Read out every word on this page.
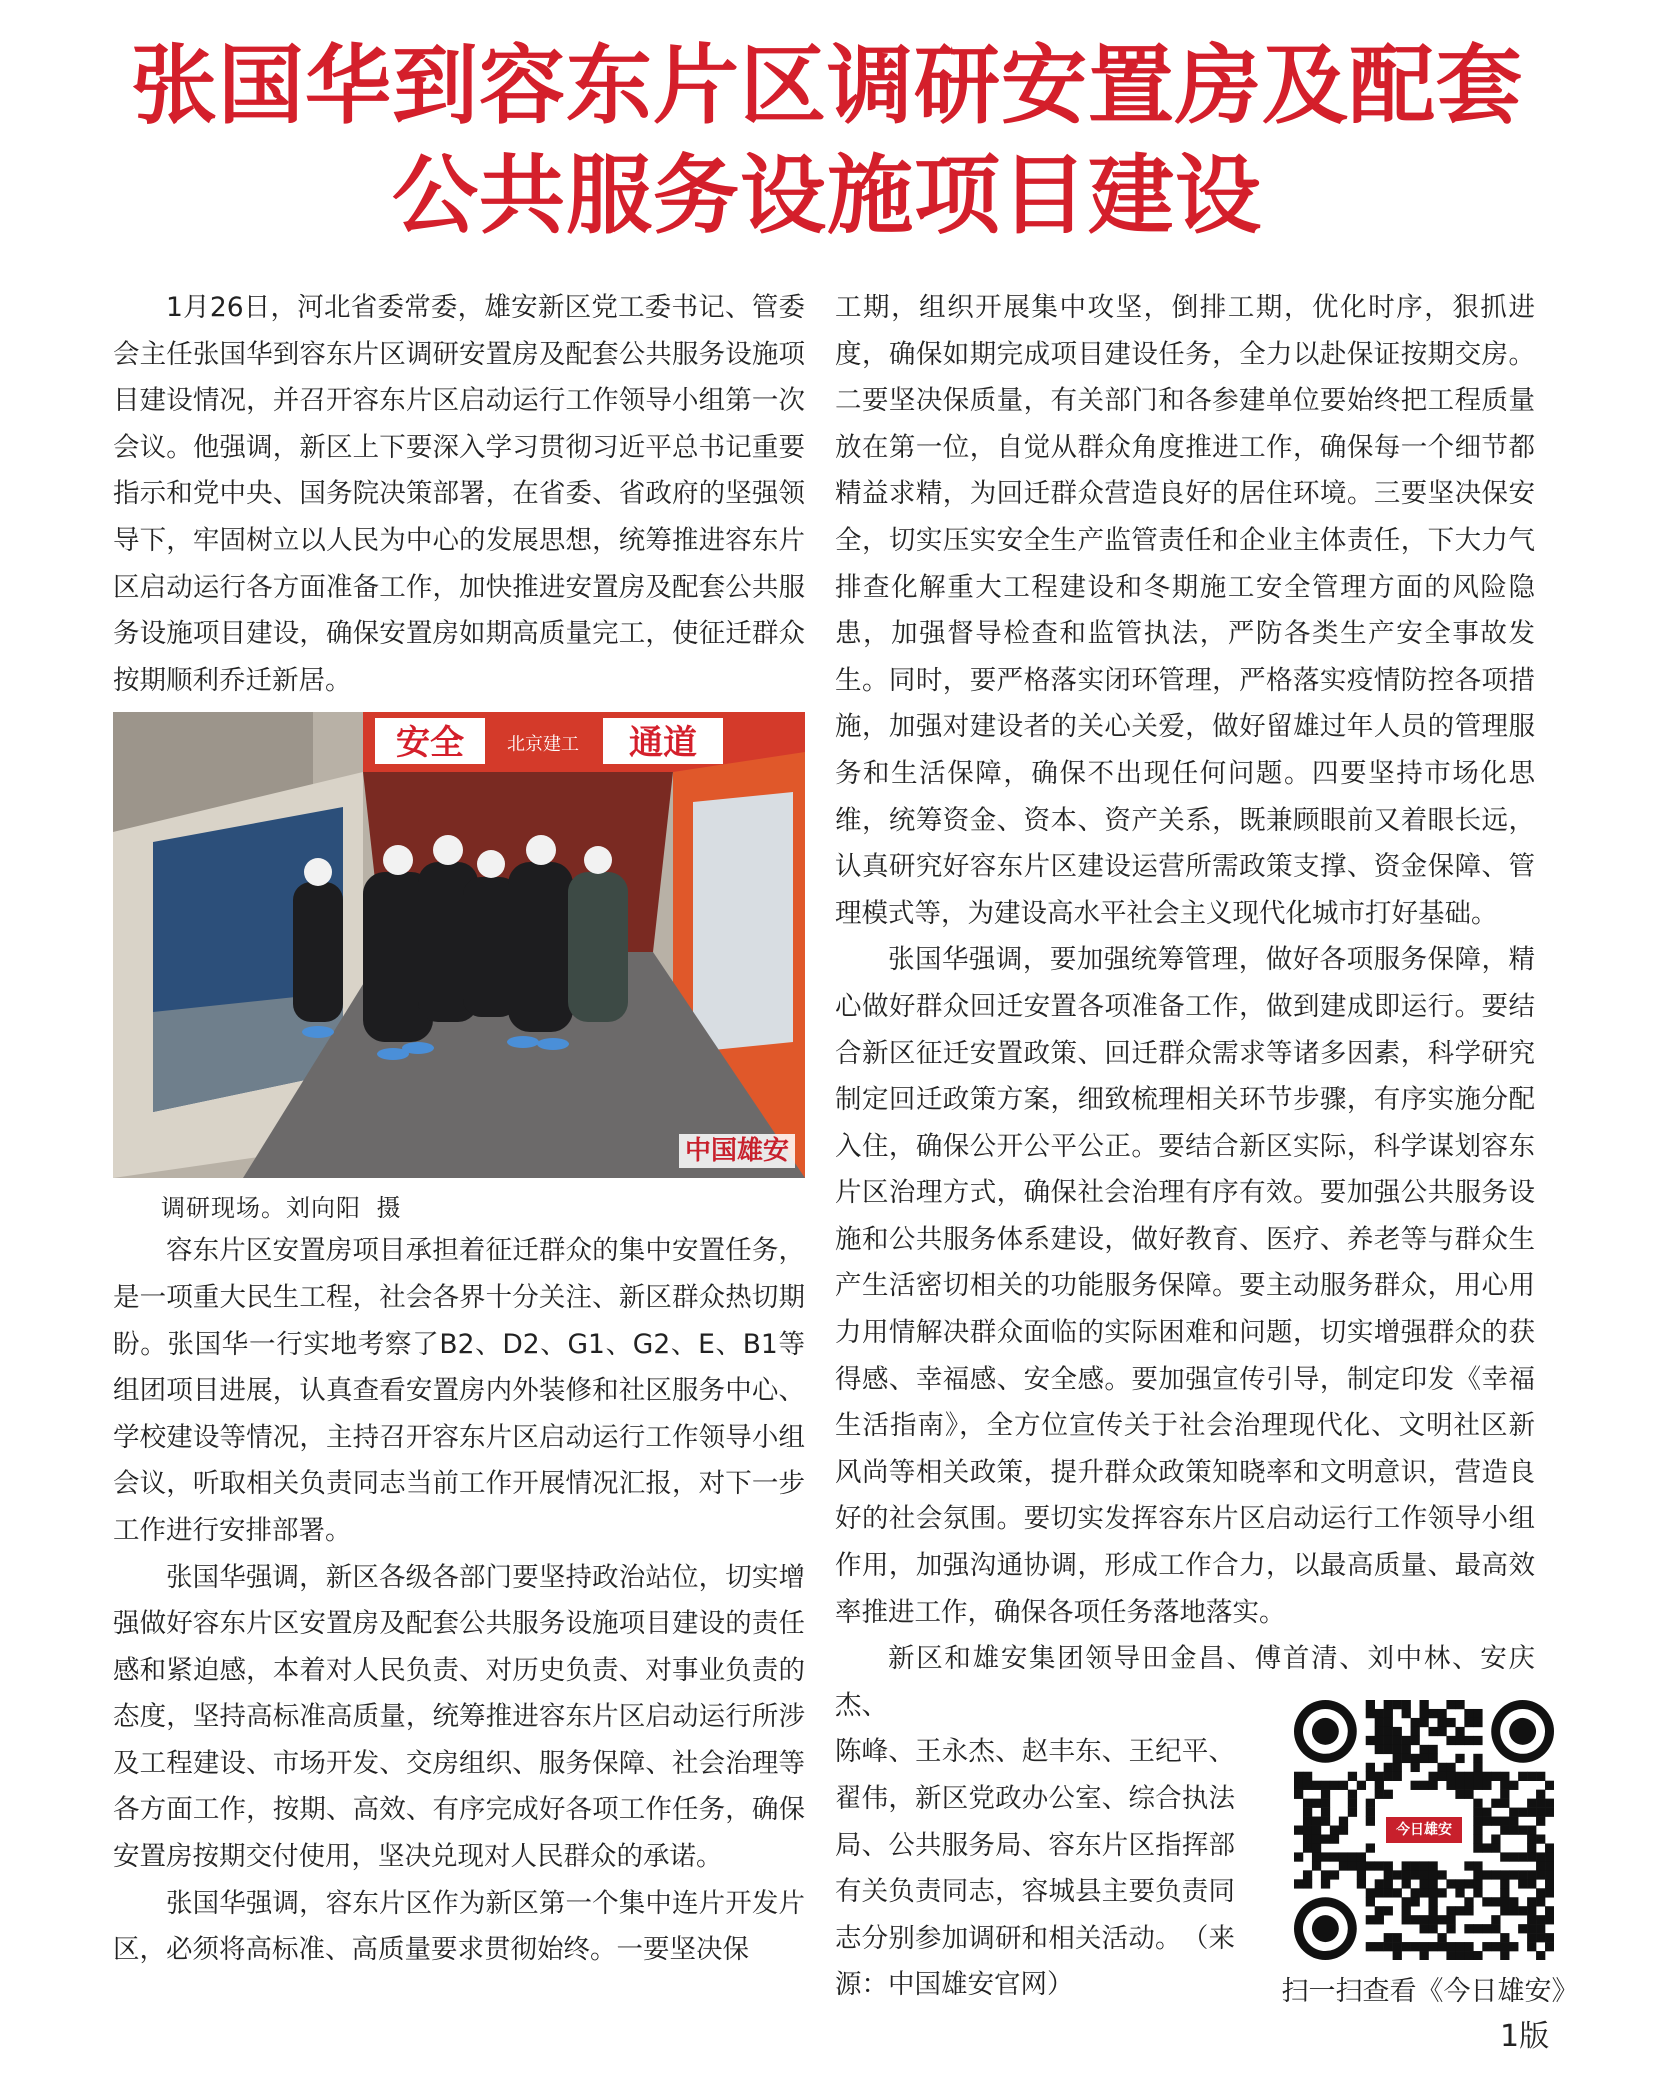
张国华到容东片区调研安置房及配套
公共服务设施项目建设

1月26日，河北省委常委，雄安新区党工委书记、管委会主任张国华到容东片区调研安置房及配套公共服务设施项目建设情况，并召开容东片区启动运行工作领导小组第一次会议。他强调，新区上下要深入学习贯彻习近平总书记重要指示和党中央、国务院决策部署，在省委、省政府的坚强领导下，牢固树立以人民为中心的发展思想，统筹推进容东片区启动运行各方面准备工作，加快推进安置房及配套公共服务设施项目建设，确保安置房如期高质量完工，使征迁群众按期顺利乔迁新居。

安全 北京建工 通道
中国雄安

调研现场。刘向阳 摄

容东片区安置房项目承担着征迁群众的集中安置任务，是一项重大民生工程，社会各界十分关注、新区群众热切期盼。张国华一行实地考察了B2、D2、G1、G2、E、B1等组团项目进展，认真查看安置房内外装修和社区服务中心、学校建设等情况，主持召开容东片区启动运行工作领导小组会议，听取相关负责同志当前工作开展情况汇报，对下一步工作进行安排部署。

张国华强调，新区各级各部门要坚持政治站位，切实增强做好容东片区安置房及配套公共服务设施项目建设的责任感和紧迫感，本着对人民负责、对历史负责、对事业负责的态度，坚持高标准高质量，统筹推进容东片区启动运行所涉及工程建设、市场开发、交房组织、服务保障、社会治理等各方面工作，按期、高效、有序完成好各项工作任务，确保安置房按期交付使用，坚决兑现对人民群众的承诺。

张国华强调，容东片区作为新区第一个集中连片开发片区，必须将高标准、高质量要求贯彻始终。一要坚决保

工期，组织开展集中攻坚，倒排工期，优化时序，狠抓进度，确保如期完成项目建设任务，全力以赴保证按期交房。二要坚决保质量，有关部门和各参建单位要始终把工程质量放在第一位，自觉从群众角度推进工作，确保每一个细节都精益求精，为回迁群众营造良好的居住环境。三要坚决保安全，切实压实安全生产监管责任和企业主体责任，下大力气排查化解重大工程建设和冬期施工安全管理方面的风险隐患，加强督导检查和监管执法，严防各类生产安全事故发生。同时，要严格落实闭环管理，严格落实疫情防控各项措施，加强对建设者的关心关爱，做好留雄过年人员的管理服务和生活保障，确保不出现任何问题。四要坚持市场化思维，统筹资金、资本、资产关系，既兼顾眼前又着眼长远，认真研究好容东片区建设运营所需政策支撑、资金保障、管理模式等，为建设高水平社会主义现代化城市打好基础。

张国华强调，要加强统筹管理，做好各项服务保障，精心做好群众回迁安置各项准备工作，做到建成即运行。要结合新区征迁安置政策、回迁群众需求等诸多因素，科学研究制定回迁政策方案，细致梳理相关环节步骤，有序实施分配入住，确保公开公平公正。要结合新区实际，科学谋划容东片区治理方式，确保社会治理有序有效。要加强公共服务设施和公共服务体系建设，做好教育、医疗、养老等与群众生产生活密切相关的功能服务保障。要主动服务群众，用心用力用情解决群众面临的实际困难和问题，切实增强群众的获得感、幸福感、安全感。要加强宣传引导，制定印发《幸福生活指南》，全方位宣传关于社会治理现代化、文明社区新风尚等相关政策，提升群众政策知晓率和文明意识，营造良好的社会氛围。要切实发挥容东片区启动运行工作领导小组作用，加强沟通协调，形成工作合力，以最高质量、最高效率推进工作，确保各项任务落地落实。

新区和雄安集团领导田金昌、傅首清、刘中林、安庆杰、

陈峰、王永杰、赵丰东、王纪平、翟伟，新区党政办公室、综合执法局、公共服务局、容东片区指挥部有关负责同志，容城县主要负责同志分别参加调研和相关活动。　（来源：中国雄安官网）

今日雄安
扫一扫查看《今日雄安》
1版
